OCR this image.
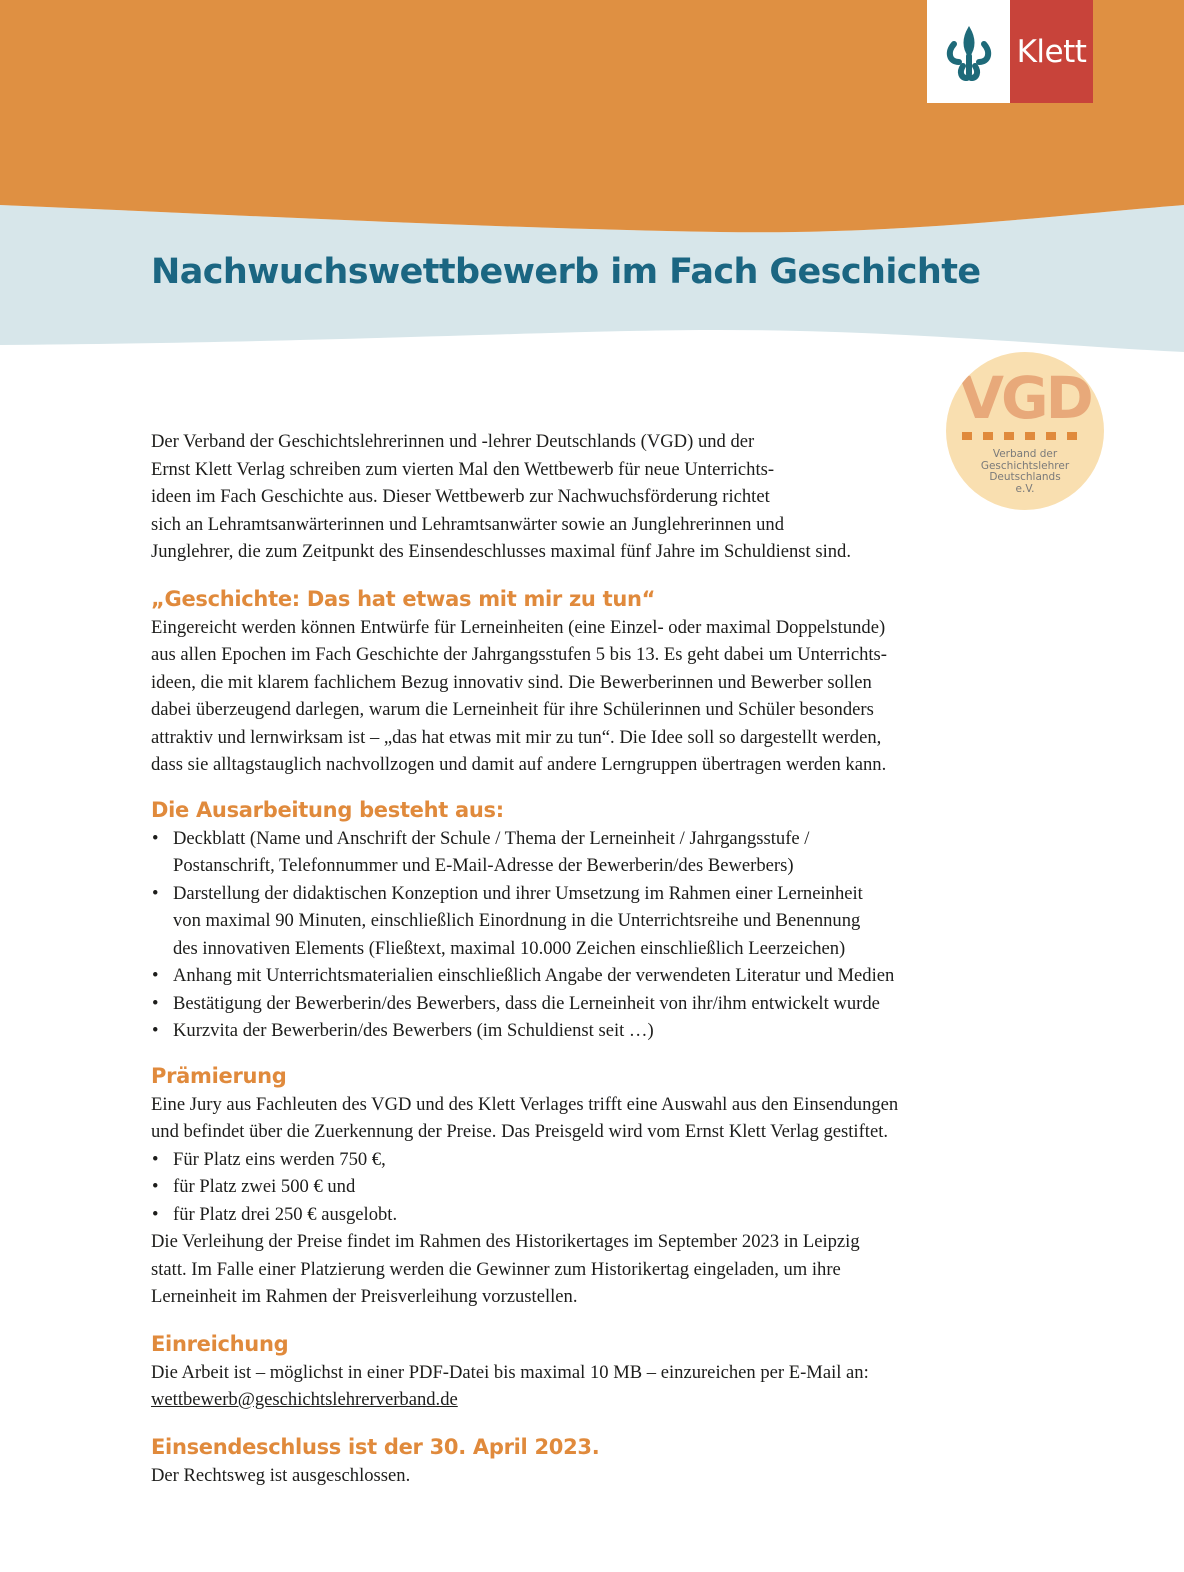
Klett
Nachwuchswettbewerb im Fach Geschichte
VGD
Verband der
Geschichtslehrer
Deutschlands
e.V.
Der Verband der Geschichtslehrerinnen und -lehrer Deutschlands (VGD) und der
Ernst Klett Verlag schreiben zum vierten Mal den Wettbewerb für neue Unterrichts-
ideen im Fach Geschichte aus. Dieser Wettbewerb zur Nachwuchsförderung richtet
sich an Lehramtsanwärterinnen und Lehramtsanwärter sowie an Junglehrerinnen und
Junglehrer, die zum Zeitpunkt des Einsendeschlusses maximal fünf Jahre im Schuldienst sind.
„Geschichte: Das hat etwas mit mir zu tun“
Eingereicht werden können Entwürfe für Lerneinheiten (eine Einzel- oder maximal Doppelstunde)
aus allen Epochen im Fach Geschichte der Jahrgangsstufen 5 bis 13. Es geht dabei um Unterrichts-
ideen, die mit klarem fachlichem Bezug innovativ sind. Die Bewerberinnen und Bewerber sollen
dabei überzeugend darlegen, warum die Lerneinheit für ihre Schülerinnen und Schüler besonders
attraktiv und lernwirksam ist – „das hat etwas mit mir zu tun“. Die Idee soll so dargestellt werden,
dass sie alltagstauglich nachvollzogen und damit auf andere Lerngruppen übertragen werden kann.
Die Ausarbeitung besteht aus:
• Deckblatt (Name und Anschrift der Schule / Thema der Lerneinheit / Jahrgangsstufe /
Postanschrift, Telefonnummer und E-Mail-Adresse der Bewerberin/des Bewerbers)
• Darstellung der didaktischen Konzeption und ihrer Umsetzung im Rahmen einer Lerneinheit
von maximal 90 Minuten, einschließlich Einordnung in die Unterrichtsreihe und Benennung
des innovativen Elements (Fließtext, maximal 10.000 Zeichen einschließlich Leerzeichen)
• Anhang mit Unterrichtsmaterialien einschließlich Angabe der verwendeten Literatur und Medien
• Bestätigung der Bewerberin/des Bewerbers, dass die Lerneinheit von ihr/ihm entwickelt wurde
• Kurzvita der Bewerberin/des Bewerbers (im Schuldienst seit …)
Prämierung
Eine Jury aus Fachleuten des VGD und des Klett Verlages trifft eine Auswahl aus den Einsendungen
und befindet über die Zuerkennung der Preise. Das Preisgeld wird vom Ernst Klett Verlag gestiftet.
• Für Platz eins werden 750 €,
• für Platz zwei 500 € und
• für Platz drei 250 € ausgelobt.
Die Verleihung der Preise findet im Rahmen des Historikertages im September 2023 in Leipzig
statt. Im Falle einer Platzierung werden die Gewinner zum Historikertag eingeladen, um ihre
Lerneinheit im Rahmen der Preisverleihung vorzustellen.
Einreichung
Die Arbeit ist – möglichst in einer PDF-Datei bis maximal 10 MB – einzureichen per E-Mail an:
wettbewerb@geschichtslehrerverband.de
Einsendeschluss ist der 30. April 2023.
Der Rechtsweg ist ausgeschlossen.
